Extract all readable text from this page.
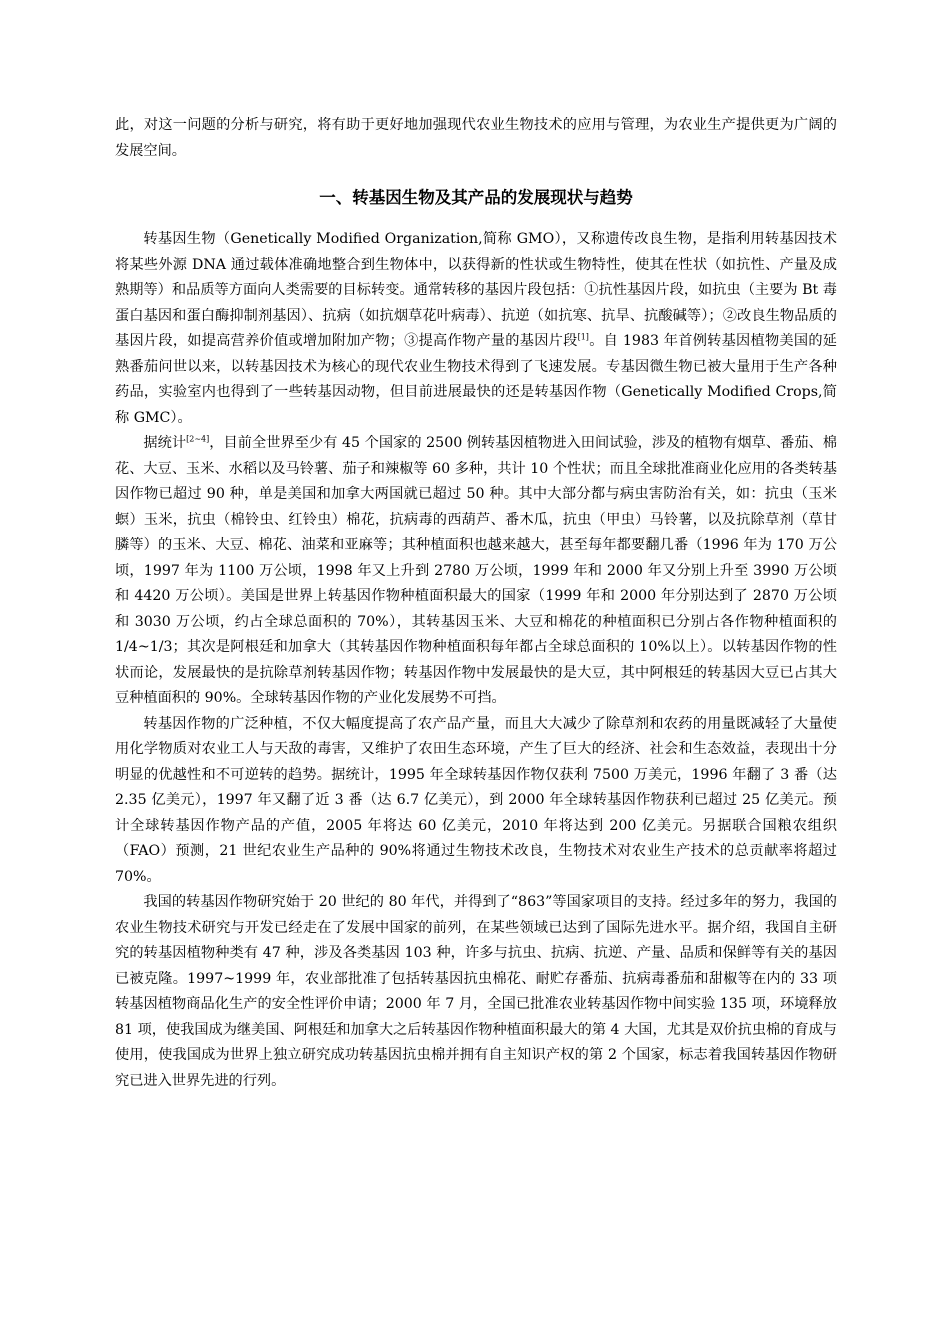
此，对这一问题的分析与研究，将有助于更好地加强现代农业生物技术的应用与管理，为农业生产提供更为广阔的发展空间。

一、转基因生物及其产品的发展现状与趋势

转基因生物（Genetically Modified Organization,简称 GMO），又称遗传改良生物，是指利用转基因技术将某些外源 DNA 通过载体准确地整合到生物体中，以获得新的性状或生物特性，使其在性状（如抗性、产量及成熟期等）和品质等方面向人类需要的目标转变。通常转移的基因片段包括：①抗性基因片段，如抗虫（主要为 Bt 毒蛋白基因和蛋白酶抑制剂基因）、抗病（如抗烟草花叶病毒）、抗逆（如抗寒、抗旱、抗酸碱等）；②改良生物品质的基因片段，如提高营养价值或增加附加产物；③提高作物产量的基因片段[1]。自 1983 年首例转基因植物美国的延熟番茄问世以来，以转基因技术为核心的现代农业生物技术得到了飞速发展。专基因微生物已被大量用于生产各种药品，实验室内也得到了一些转基因动物，但目前进展最快的还是转基因作物（Genetically Modified Crops,简称 GMC）。

据统计[2~4]，目前全世界至少有 45 个国家的 2500 例转基因植物进入田间试验，涉及的植物有烟草、番茄、棉花、大豆、玉米、水稻以及马铃薯、茄子和辣椒等 60 多种，共计 10 个性状；而且全球批准商业化应用的各类转基因作物已超过 90 种，单是美国和加拿大两国就已超过 50 种。其中大部分都与病虫害防治有关，如：抗虫（玉米螟）玉米，抗虫（棉铃虫、红铃虫）棉花，抗病毒的西葫芦、番木瓜，抗虫（甲虫）马铃薯，以及抗除草剂（草甘膦等）的玉米、大豆、棉花、油菜和亚麻等；其种植面积也越来越大，甚至每年都要翻几番（1996 年为 170 万公顷，1997 年为 1100 万公顷，1998 年又上升到 2780 万公顷，1999 年和 2000 年又分别上升至 3990 万公顷和 4420 万公顷）。美国是世界上转基因作物种植面积最大的国家（1999 年和 2000 年分别达到了 2870 万公顷和 3030 万公顷，约占全球总面积的 70%），其转基因玉米、大豆和棉花的种植面积已分别占各作物种植面积的 1/4~1/3；其次是阿根廷和加拿大（其转基因作物种植面积每年都占全球总面积的 10%以上）。以转基因作物的性状而论，发展最快的是抗除草剂转基因作物；转基因作物中发展最快的是大豆，其中阿根廷的转基因大豆已占其大豆种植面积的 90%。全球转基因作物的产业化发展势不可挡。

转基因作物的广泛种植，不仅大幅度提高了农产品产量，而且大大减少了除草剂和农药的用量既减轻了大量使用化学物质对农业工人与天敌的毒害，又维护了农田生态环境，产生了巨大的经济、社会和生态效益，表现出十分明显的优越性和不可逆转的趋势。据统计，1995 年全球转基因作物仅获利 7500 万美元，1996 年翻了 3 番（达 2.35 亿美元），1997 年又翻了近 3 番（达 6.7 亿美元），到 2000 年全球转基因作物获利已超过 25 亿美元。预计全球转基因作物产品的产值，2005 年将达 60 亿美元，2010 年将达到 200 亿美元。另据联合国粮农组织（FAO）预测，21 世纪农业生产品种的 90%将通过生物技术改良，生物技术对农业生产技术的总贡献率将超过 70%。

我国的转基因作物研究始于 20 世纪的 80 年代，并得到了“863”等国家项目的支持。经过多年的努力，我国的农业生物技术研究与开发已经走在了发展中国家的前列，在某些领域已达到了国际先进水平。据介绍，我国自主研究的转基因植物种类有 47 种，涉及各类基因 103 种，许多与抗虫、抗病、抗逆、产量、品质和保鲜等有关的基因已被克隆。1997~1999 年，农业部批准了包括转基因抗虫棉花、耐贮存番茄、抗病毒番茄和甜椒等在内的 33 项转基因植物商品化生产的安全性评价申请；2000 年 7 月，全国已批准农业转基因作物中间实验 135 项，环境释放 81 项，使我国成为继美国、阿根廷和加拿大之后转基因作物种植面积最大的第 4 大国，尤其是双价抗虫棉的育成与使用，使我国成为世界上独立研究成功转基因抗虫棉并拥有自主知识产权的第 2 个国家，标志着我国转基因作物研究已进入世界先进的行列。
